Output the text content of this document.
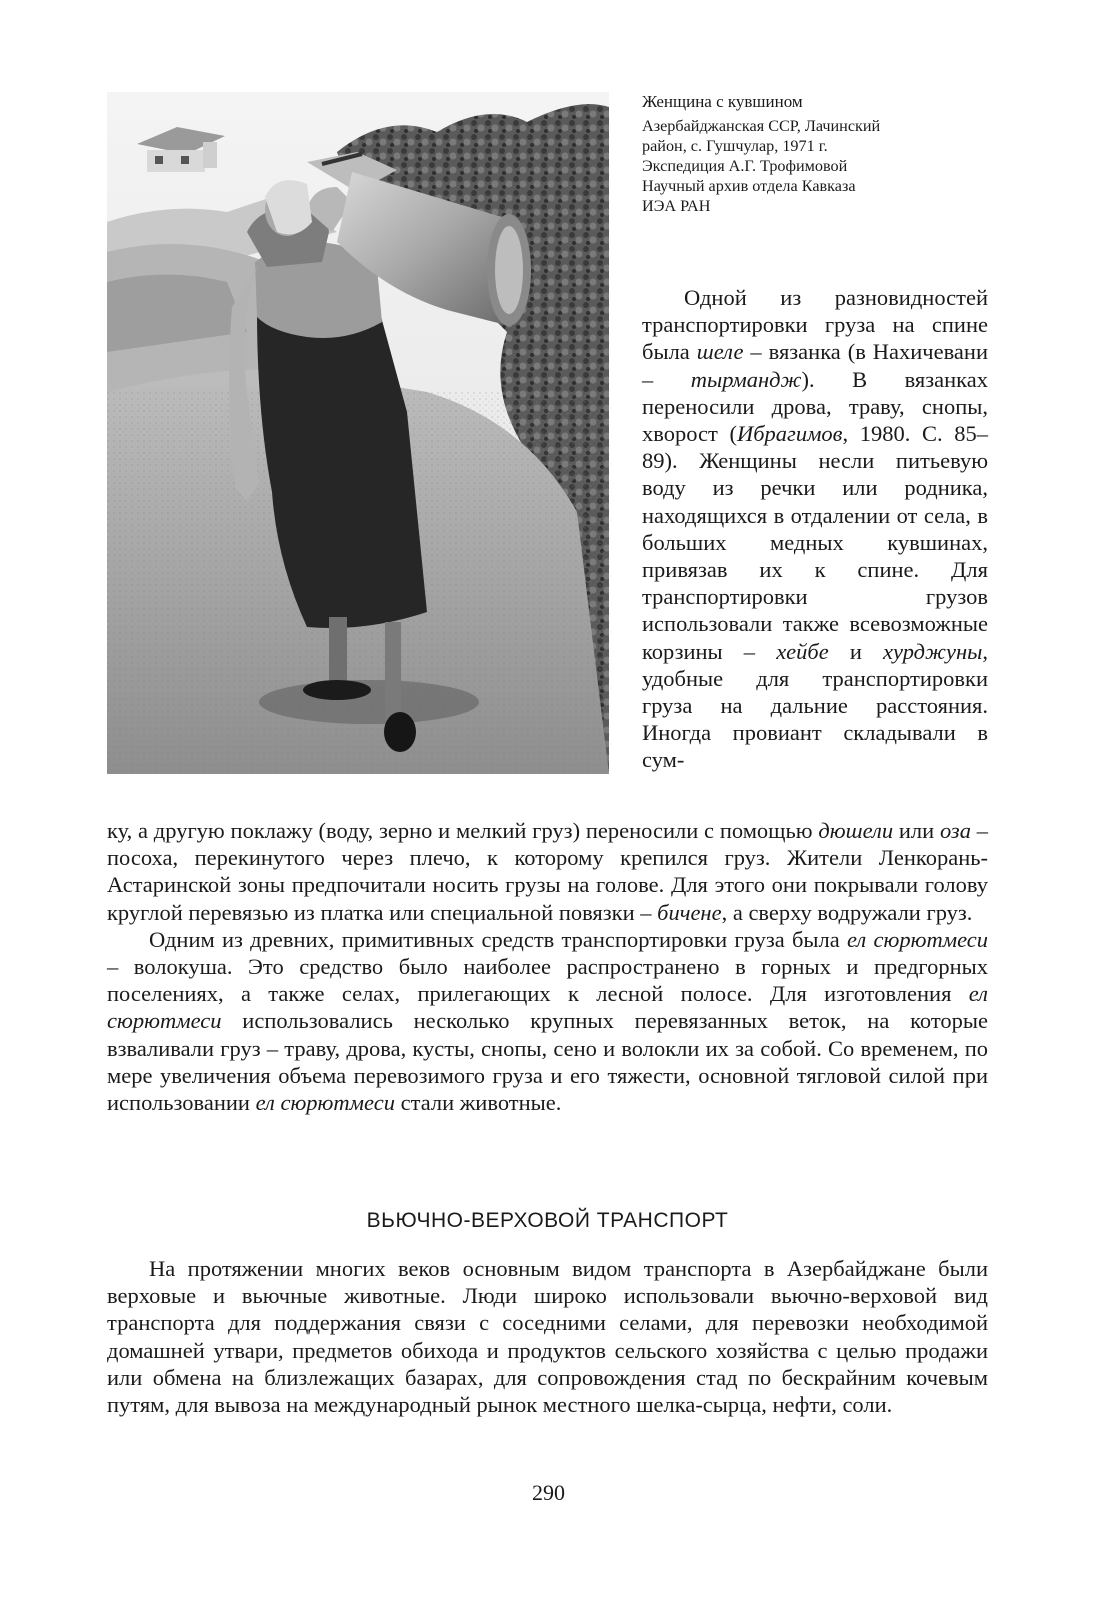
Женщина с кувшином
Азербайджанская ССР, Лачинский
район, с. Гушчулар, 1971 г.
Экспедиция А.Г. Трофимовой
Научный архив отдела Кавказа
ИЭА РАН

Одной из разновидностей транспортировки груза на спине была шеле – вязанка (в Нахичевани – тырмандж). В вязанках переносили дрова, траву, снопы, хворост (Ибрагимов, 1980. С. 85–89). Женщины несли питьевую воду из речки или родника, находящихся в отдалении от села, в больших медных кувшинах, привязав их к спине. Для транспортировки грузов использовали также всевозможные корзины – хейбе и хурджуны, удобные для транспортировки груза на дальние расстояния. Иногда провиант складывали в сум-

ку, а другую поклажу (воду, зерно и мелкий груз) переносили с помощью дюшели или оза – посоха, перекинутого через плечо, к которому крепился груз. Жители Ленкорань-Астаринской зоны предпочитали носить грузы на голове. Для этого они покрывали голову круглой перевязью из платка или специальной повязки – бичене, а сверху водружали груз.

Одним из древних, примитивных средств транспортировки груза была ел сюрютмеси – волокуша. Это средство было наиболее распространено в горных и предгорных поселениях, а также селах, прилегающих к лесной полосе. Для изготовления ел сюрютмеси использовались несколько крупных перевязанных веток, на которые взваливали груз – траву, дрова, кусты, снопы, сено и волокли их за собой. Со временем, по мере увеличения объема перевозимого груза и его тяжести, основной тягловой силой при использовании ел сюрютмеси стали животные.

ВЬЮЧНО-ВЕРХОВОЙ ТРАНСПОРТ

На протяжении многих веков основным видом транспорта в Азербайджане были верховые и вьючные животные. Люди широко использовали вьючно-верховой вид транспорта для поддержания связи с соседними селами, для перевозки необходимой домашней утвари, предметов обихода и продуктов сельского хозяйства с целью продажи или обмена на близлежащих базарах, для сопровождения стад по бескрайним кочевым путям, для вывоза на международный рынок местного шелка-сырца, нефти, соли.

290
